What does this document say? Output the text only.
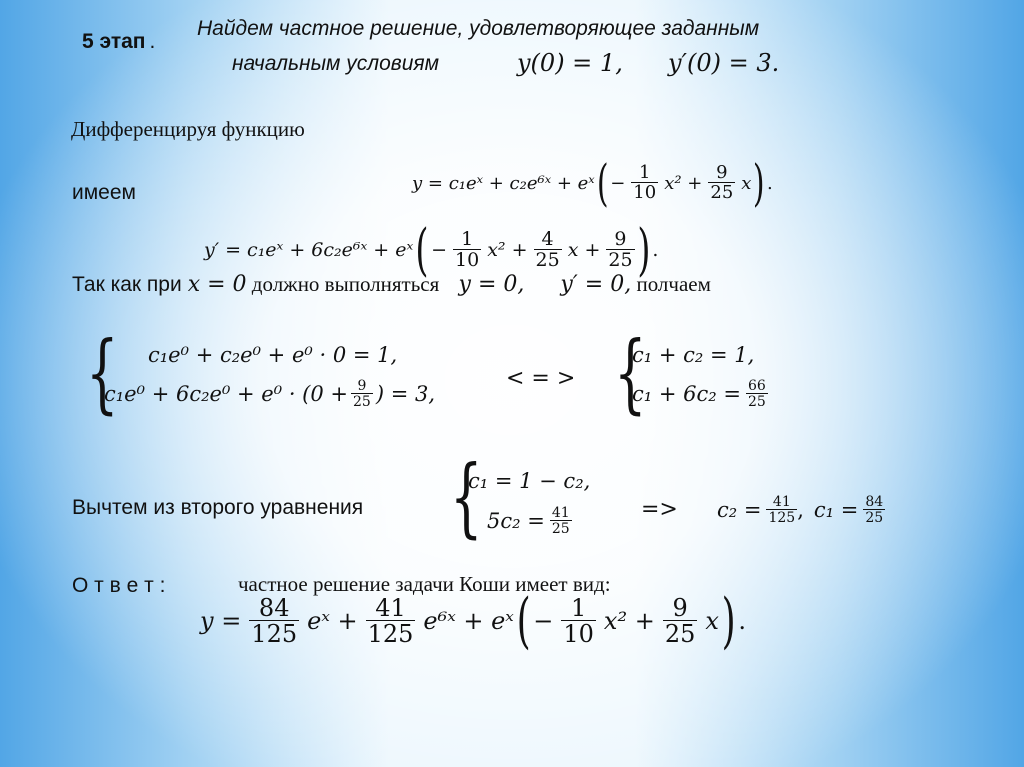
5 этап .
Найдем частное решение, удовлетворяющее заданным
начальным условиям	y(0) = 1, y′(0) = 3.
Дифференцируя функцию
y = c₁eˣ + c₂e⁶ˣ + eˣ ( − $\frac{1}{10} x^2 + \frac{9}{25}$ x ) .
имеем
y′ = c₁eˣ + 6c₂e⁶ˣ + eˣ ( − $\frac{1}{10} x^2 + \frac{4}{25}$ $x + \frac{9}{25}$ ) .
Так как при x = 0 должно выполняться y = 0, y′ = 0, полчаем
{ c₁e⁰ + c₂e⁰ + e⁰ · 0 = 1,
$c_1e^0 + 6c_2e^0 + e^0 \cdot (0 + \frac{9}{25}$ ) = 3,
< = > {
c₁ + c₂ = 1,
$c_1 + 6c_2 = \frac{66}{25}$
Вычтем из второго уравнения {
c₁ = 1 − c₂,
$5c_2 = \frac{41}{25}$	=> $c_2 = \frac{41}{125}$ , $c_1 = \frac{84}{25}$
О т в е т :	частное решение задачи Коши имеет вид:
$y = \frac{84}{125}$ eˣ + $\frac{41}{125}$ e⁶ˣ + eˣ ( − $\frac{1}{10} x^2 + \frac{9}{25}$ x ) .
